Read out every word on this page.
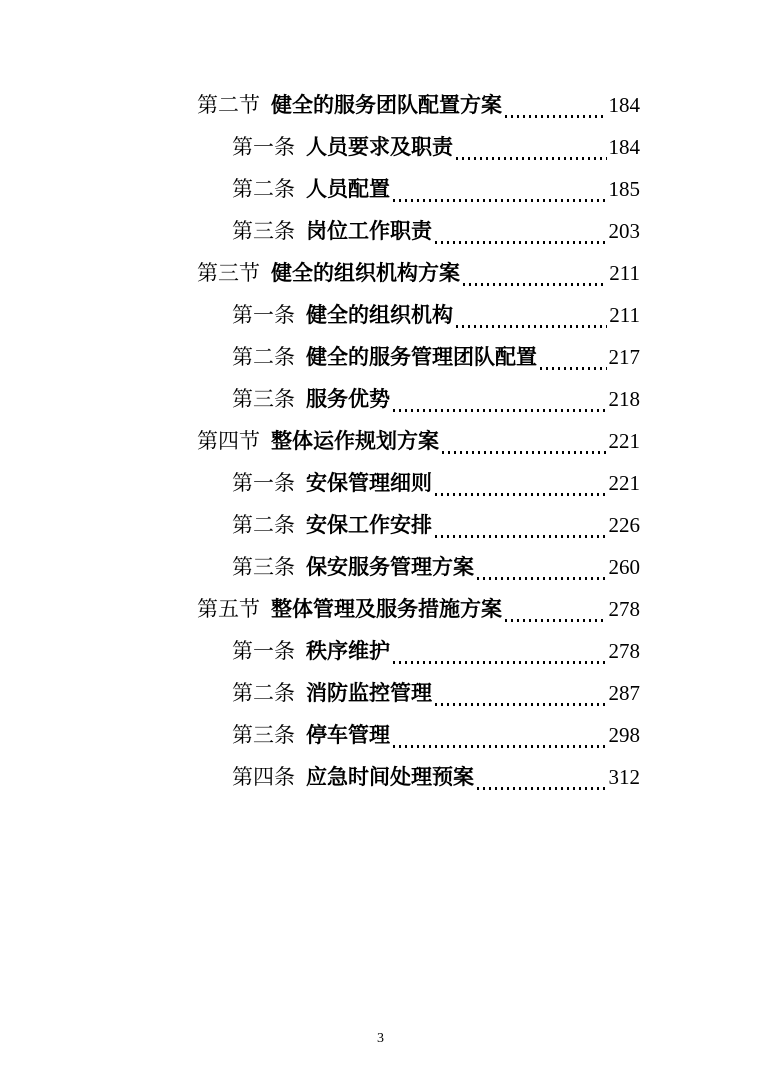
第二节 健全的服务团队配置方案	184
第一条 人员要求及职责	184
第二条 人员配置	185
第三条 岗位工作职责	203
第三节 健全的组织机构方案	211
第一条 健全的组织机构	211
第二条 健全的服务管理团队配置	217
第三条 服务优势	218
第四节 整体运作规划方案	221
第一条 安保管理细则	221
第二条 安保工作安排	226
第三条 保安服务管理方案	260
第五节 整体管理及服务措施方案	278
第一条 秩序维护	278
第二条 消防监控管理	287
第三条 停车管理	298
第四条 应急时间处理预案	312
3
